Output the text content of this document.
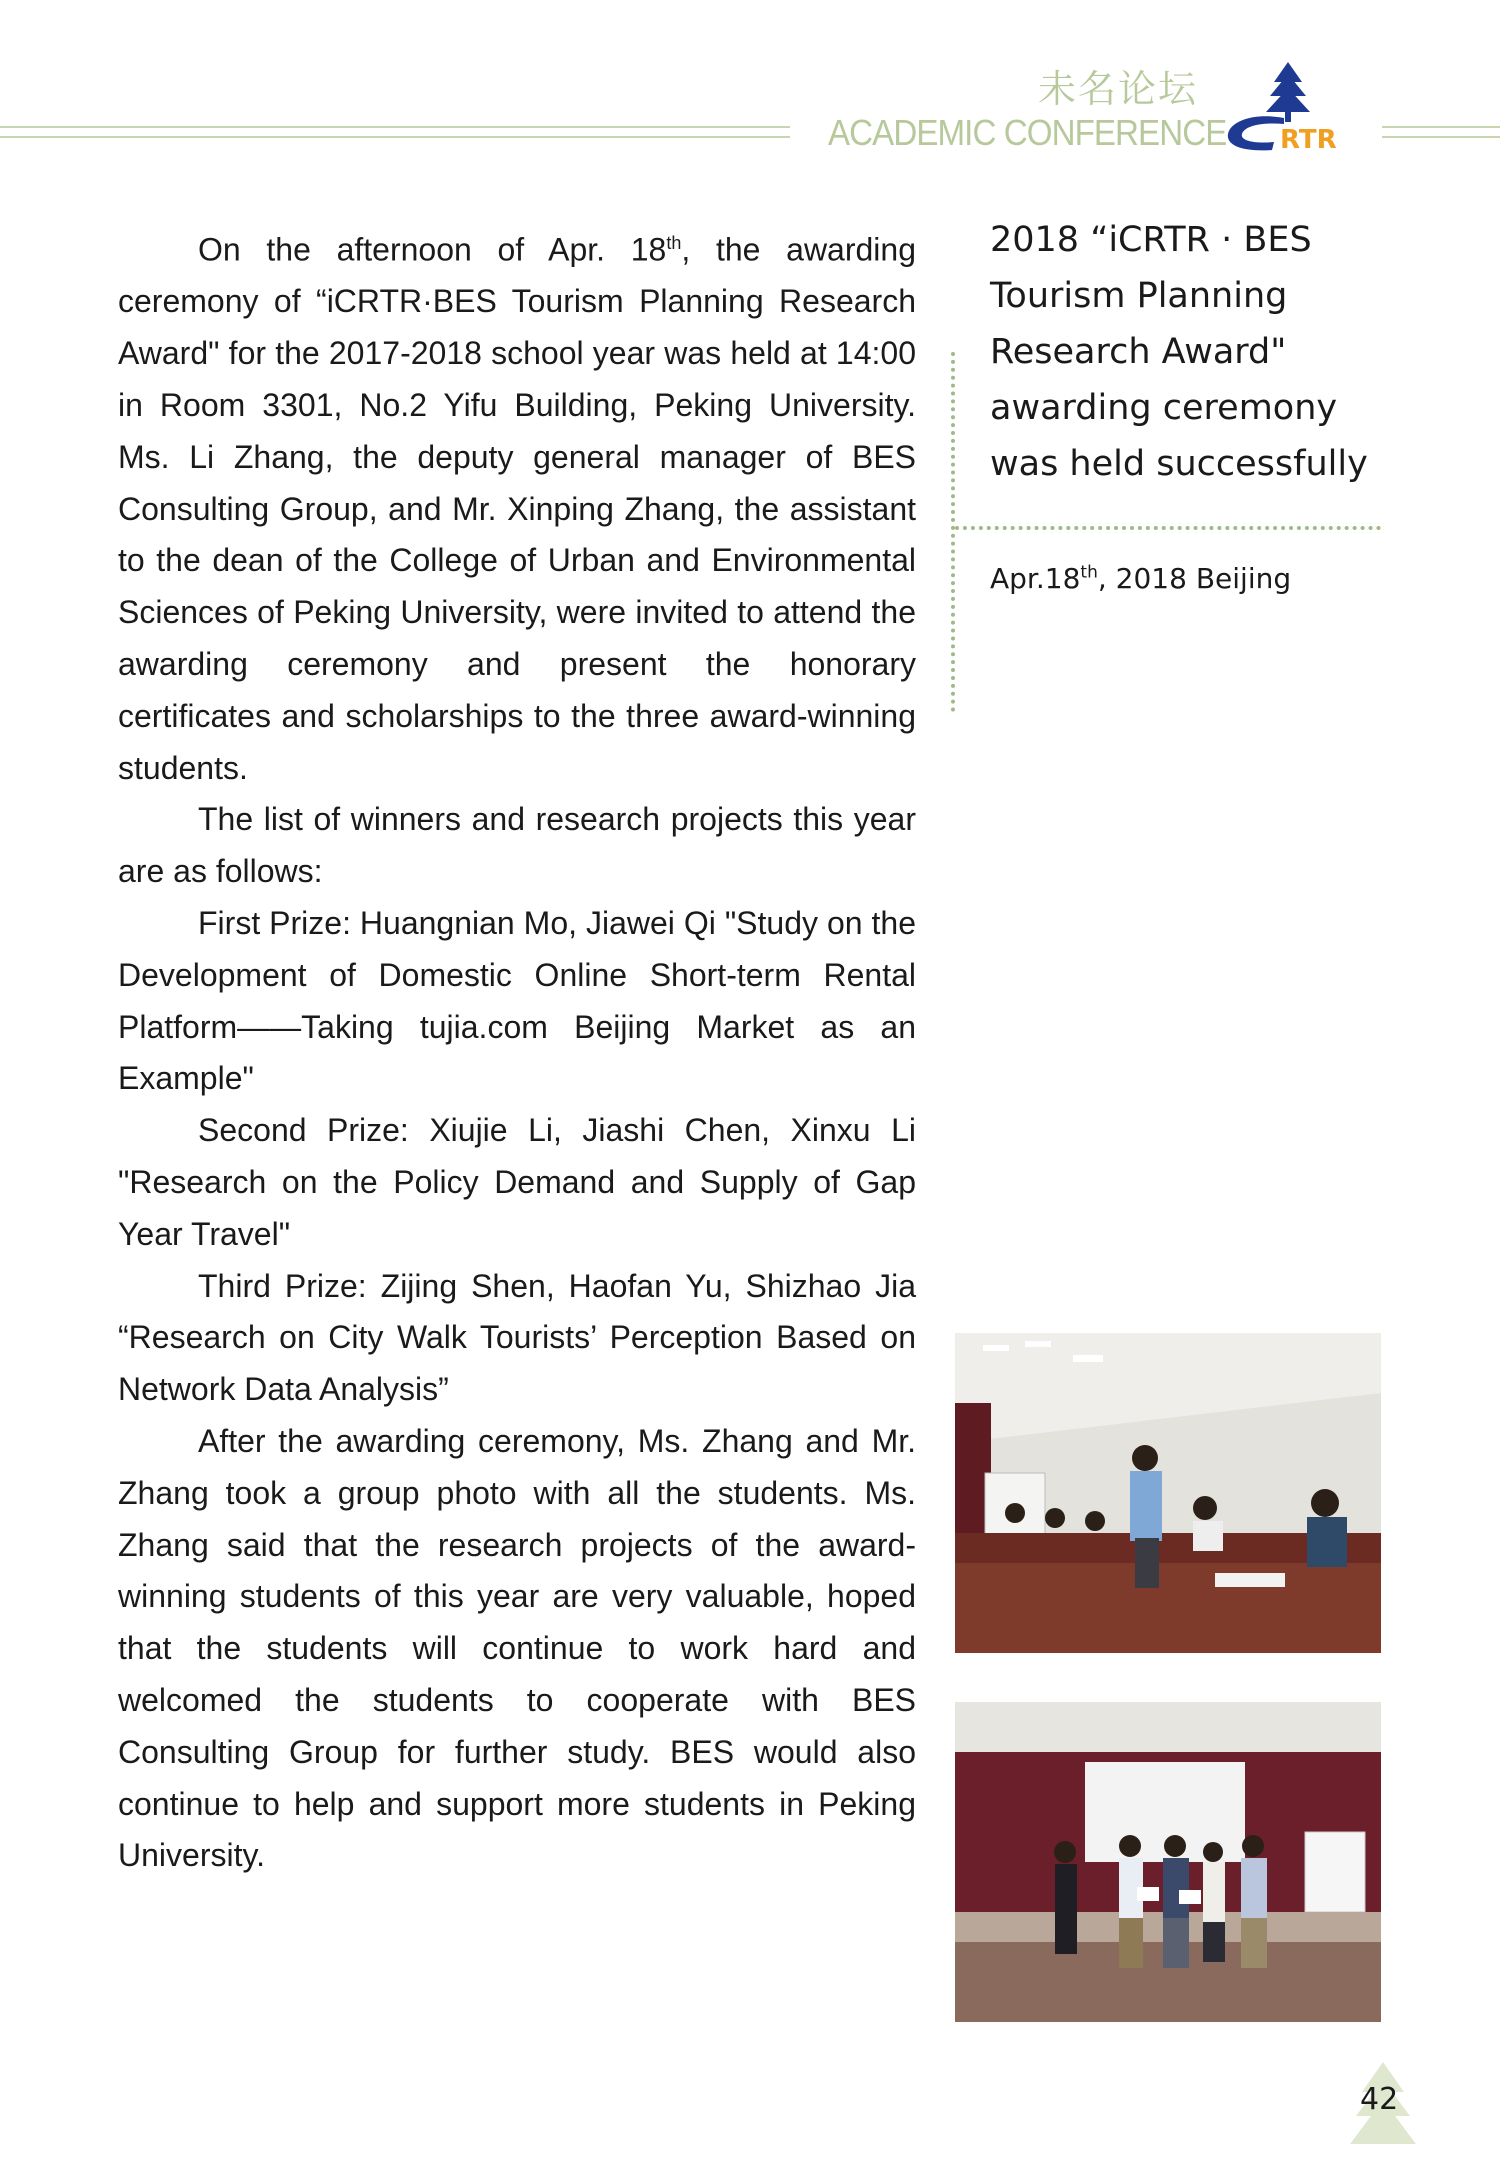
未名论坛
ACADEMIC CONFERENCE RTR

On the afternoon of Apr. 18th, the awarding ceremony of “iCRTR·BES Tourism Planning Research Award" for the 2017-2018 school year was held at 14:00 in Room 3301, No.2 Yifu Building, Peking University. Ms. Li Zhang, the deputy general manager of BES Consulting Group, and Mr. Xinping Zhang, the assistant to the dean of the College of Urban and Environmental Sciences of Peking University, were invited to attend the awarding ceremony and present the honorary certificates and scholarships to the three award-winning students.

The list of winners and research projects this year are as follows:

First Prize: Huangnian Mo, Jiawei Qi "Study on the Development of Domestic Online Short-term Rental Platform——Taking tujia.com Beijing Market as an Example"

Second Prize: Xiujie Li, Jiashi Chen, Xinxu Li "Research on the Policy Demand and Supply of Gap Year Travel"

Third Prize: Zijing Shen, Haofan Yu, Shizhao Jia “Research on City Walk Tourists’ Perception Based on Network Data Analysis”

After the awarding ceremony, Ms. Zhang and Mr. Zhang took a group photo with all the students. Ms. Zhang said that the research projects of the award-winning students of this year are very valuable, hoped that the students will continue to work hard and welcomed the students to cooperate with BES Consulting Group for further study. BES would also continue to help and support more students in Peking University.

2018 “iCRTR · BES
Tourism Planning
Research Award"
awarding ceremony
was held successfully
Apr.18th, 2018 Beijing
42
